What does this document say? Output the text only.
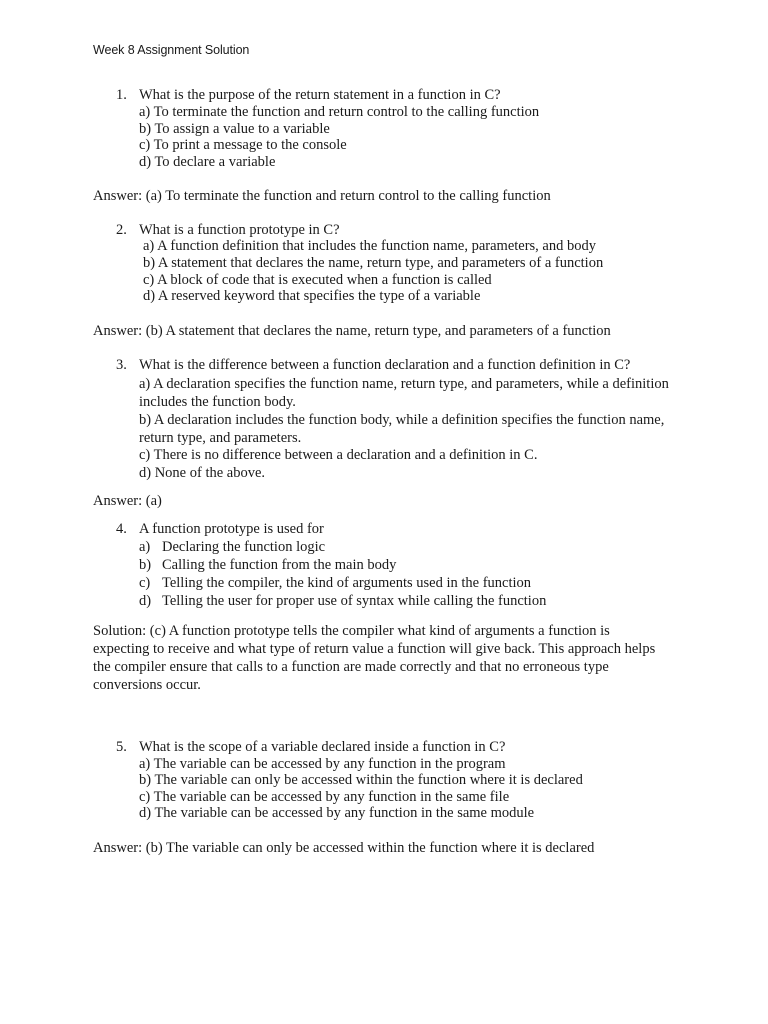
Week 8 Assignment Solution
1. What is the purpose of the return statement in a function in C?
a) To terminate the function and return control to the calling function
b) To assign a value to a variable
c) To print a message to the console
d) To declare a variable
Answer: (a) To terminate the function and return control to the calling function
2. What is a function prototype in C?
a) A function definition that includes the function name, parameters, and body
b) A statement that declares the name, return type, and parameters of a function
c) A block of code that is executed when a function is called
d) A reserved keyword that specifies the type of a variable
Answer: (b) A statement that declares the name, return type, and parameters of a function
3. What is the difference between a function declaration and a function definition in C?
a) A declaration specifies the function name, return type, and parameters, while a definition includes the function body.
b) A declaration includes the function body, while a definition specifies the function name, return type, and parameters.
c) There is no difference between a declaration and a definition in C.
d) None of the above.
Answer: (a)
4. A function prototype is used for
a) Declaring the function logic
b) Calling the function from the main body
c) Telling the compiler, the kind of arguments used in the function
d) Telling the user for proper use of syntax while calling the function
Solution: (c) A function prototype tells the compiler what kind of arguments a function is expecting to receive and what type of return value a function will give back. This approach helps the compiler ensure that calls to a function are made correctly and that no erroneous type conversions occur.
5. What is the scope of a variable declared inside a function in C?
a) The variable can be accessed by any function in the program
b) The variable can only be accessed within the function where it is declared
c) The variable can be accessed by any function in the same file
d) The variable can be accessed by any function in the same module
Answer: (b) The variable can only be accessed within the function where it is declared
